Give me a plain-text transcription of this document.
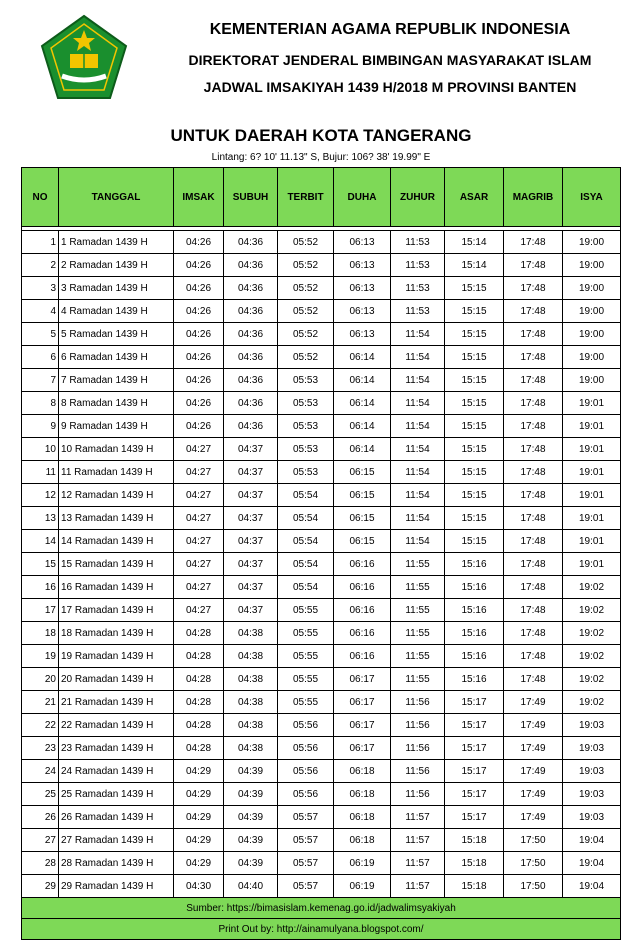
KEMENTERIAN AGAMA REPUBLIK INDONESIA
DIREKTORAT JENDERAL BIMBINGAN MASYARAKAT ISLAM
JADWAL IMSAKIYAH 1439 H/2018 M PROVINSI BANTEN
UNTUK DAERAH KOTA TANGERANG
Lintang: 6? 10' 11.13" S, Bujur: 106? 38' 19.99" E
NO	TANGGAL	IMSAK	SUBUH	TERBIT	DUHA	ZUHUR	ASAR	MAGRIB	ISYA

1	1 Ramadan 1439 H	04:26	04:36	05:52	06:13	11:53	15:14	17:48	19:00
2	2 Ramadan 1439 H	04:26	04:36	05:52	06:13	11:53	15:14	17:48	19:00
3	3 Ramadan 1439 H	04:26	04:36	05:52	06:13	11:53	15:15	17:48	19:00
4	4 Ramadan 1439 H	04:26	04:36	05:52	06:13	11:53	15:15	17:48	19:00
5	5 Ramadan 1439 H	04:26	04:36	05:52	06:13	11:54	15:15	17:48	19:00
6	6 Ramadan 1439 H	04:26	04:36	05:52	06:14	11:54	15:15	17:48	19:00
7	7 Ramadan 1439 H	04:26	04:36	05:53	06:14	11:54	15:15	17:48	19:00
8	8 Ramadan 1439 H	04:26	04:36	05:53	06:14	11:54	15:15	17:48	19:01
9	9 Ramadan 1439 H	04:26	04:36	05:53	06:14	11:54	15:15	17:48	19:01
10	10 Ramadan 1439 H	04:27	04:37	05:53	06:14	11:54	15:15	17:48	19:01
11	11 Ramadan 1439 H	04:27	04:37	05:53	06:15	11:54	15:15	17:48	19:01
12	12 Ramadan 1439 H	04:27	04:37	05:54	06:15	11:54	15:15	17:48	19:01
13	13 Ramadan 1439 H	04:27	04:37	05:54	06:15	11:54	15:15	17:48	19:01
14	14 Ramadan 1439 H	04:27	04:37	05:54	06:15	11:54	15:15	17:48	19:01
15	15 Ramadan 1439 H	04:27	04:37	05:54	06:16	11:55	15:16	17:48	19:01
16	16 Ramadan 1439 H	04:27	04:37	05:54	06:16	11:55	15:16	17:48	19:02
17	17 Ramadan 1439 H	04:27	04:37	05:55	06:16	11:55	15:16	17:48	19:02
18	18 Ramadan 1439 H	04:28	04:38	05:55	06:16	11:55	15:16	17:48	19:02
19	19 Ramadan 1439 H	04:28	04:38	05:55	06:16	11:55	15:16	17:48	19:02
20	20 Ramadan 1439 H	04:28	04:38	05:55	06:17	11:55	15:16	17:48	19:02
21	21 Ramadan 1439 H	04:28	04:38	05:55	06:17	11:56	15:17	17:49	19:02
22	22 Ramadan 1439 H	04:28	04:38	05:56	06:17	11:56	15:17	17:49	19:03
23	23 Ramadan 1439 H	04:28	04:38	05:56	06:17	11:56	15:17	17:49	19:03
24	24 Ramadan 1439 H	04:29	04:39	05:56	06:18	11:56	15:17	17:49	19:03
25	25 Ramadan 1439 H	04:29	04:39	05:56	06:18	11:56	15:17	17:49	19:03
26	26 Ramadan 1439 H	04:29	04:39	05:57	06:18	11:57	15:17	17:49	19:03
27	27 Ramadan 1439 H	04:29	04:39	05:57	06:18	11:57	15:18	17:50	19:04
28	28 Ramadan 1439 H	04:29	04:39	05:57	06:19	11:57	15:18	17:50	19:04
29	29 Ramadan 1439 H	04:30	04:40	05:57	06:19	11:57	15:18	17:50	19:04
Sumber: https://bimasislam.kemenag.go.id/jadwalimsyakiyah									
Print Out by: http://ainamulyana.blogspot.com/									
